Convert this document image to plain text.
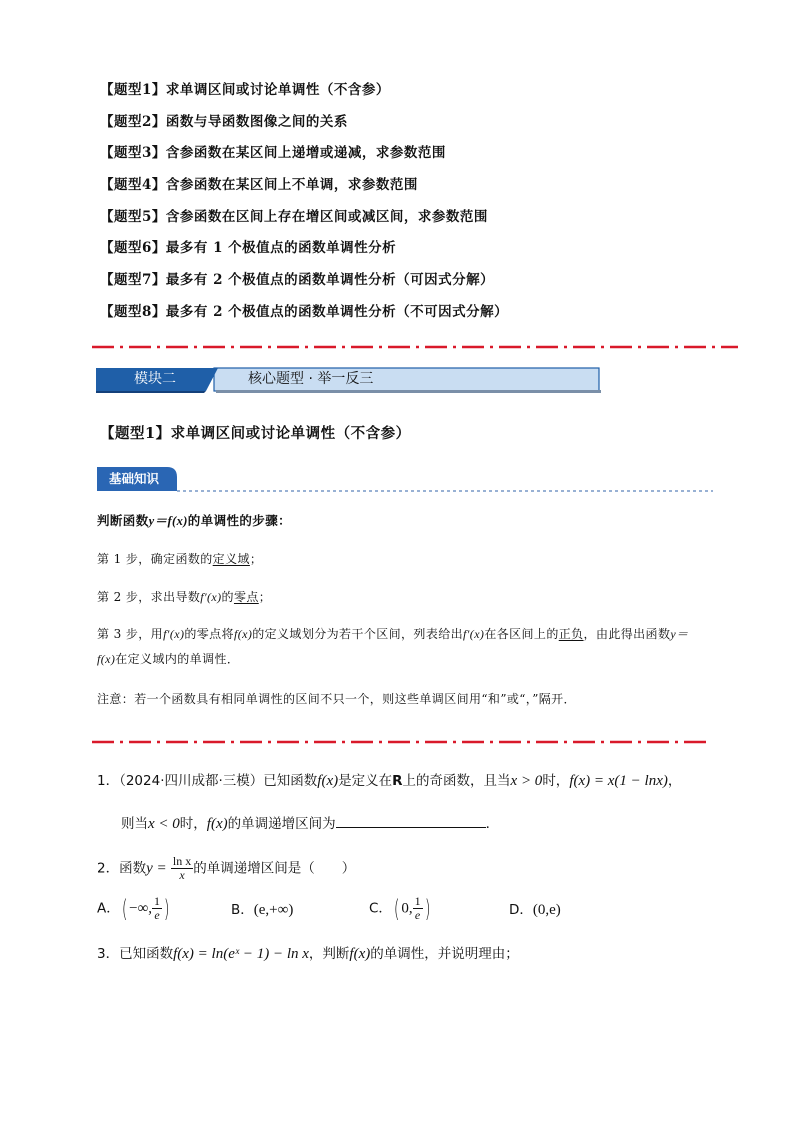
【题型1】求单调区间或讨论单调性（不含参）
【题型2】函数与导函数图像之间的关系
【题型3】含参函数在某区间上递增或递减，求参数范围
【题型4】含参函数在某区间上不单调，求参数范围
【题型5】含参函数在区间上存在增区间或减区间，求参数范围
【题型6】最多有 1 个极值点的函数单调性分析
【题型7】最多有 2 个极值点的函数单调性分析（可因式分解）
【题型8】最多有 2 个极值点的函数单调性分析（不可因式分解）
模块二	核心题型 · 举一反三
【题型1】求单调区间或讨论单调性（不含参）
基础知识
判断函数y＝f(x)的单调性的步骤：
第 1 步，确定函数的定义域；
第 2 步，求出导数f′(x)的零点；
第 3 步，用f′(x)的零点将f(x)的定义域划分为若干个区间，列表给出f′(x)在各区间上的正负，由此得出函数y＝f(x)在定义域内的单调性．
注意：若一个函数具有相同单调性的区间不只一个，则这些单调区间用“和”或“，”隔开．
1．（2024·四川成都·三模）已知函数f(x)是定义在R上的奇函数，且当x > 0时，f(x) = x(1 − lnx)，
则当x < 0时，f(x)的单调递增区间为	．
2．函数$y = \frac{\text{ln x}}{x}$ 的单调递增区间是（　　）
A．( −∞, $\frac{1}{e}$ )	B．(e,+∞)	C．( 0, $\frac{1}{e}$ )	D．(0,e)
3．已知函数f(x) = ln(eˣ − 1) − ln x，判断f(x)的单调性，并说明理由；
